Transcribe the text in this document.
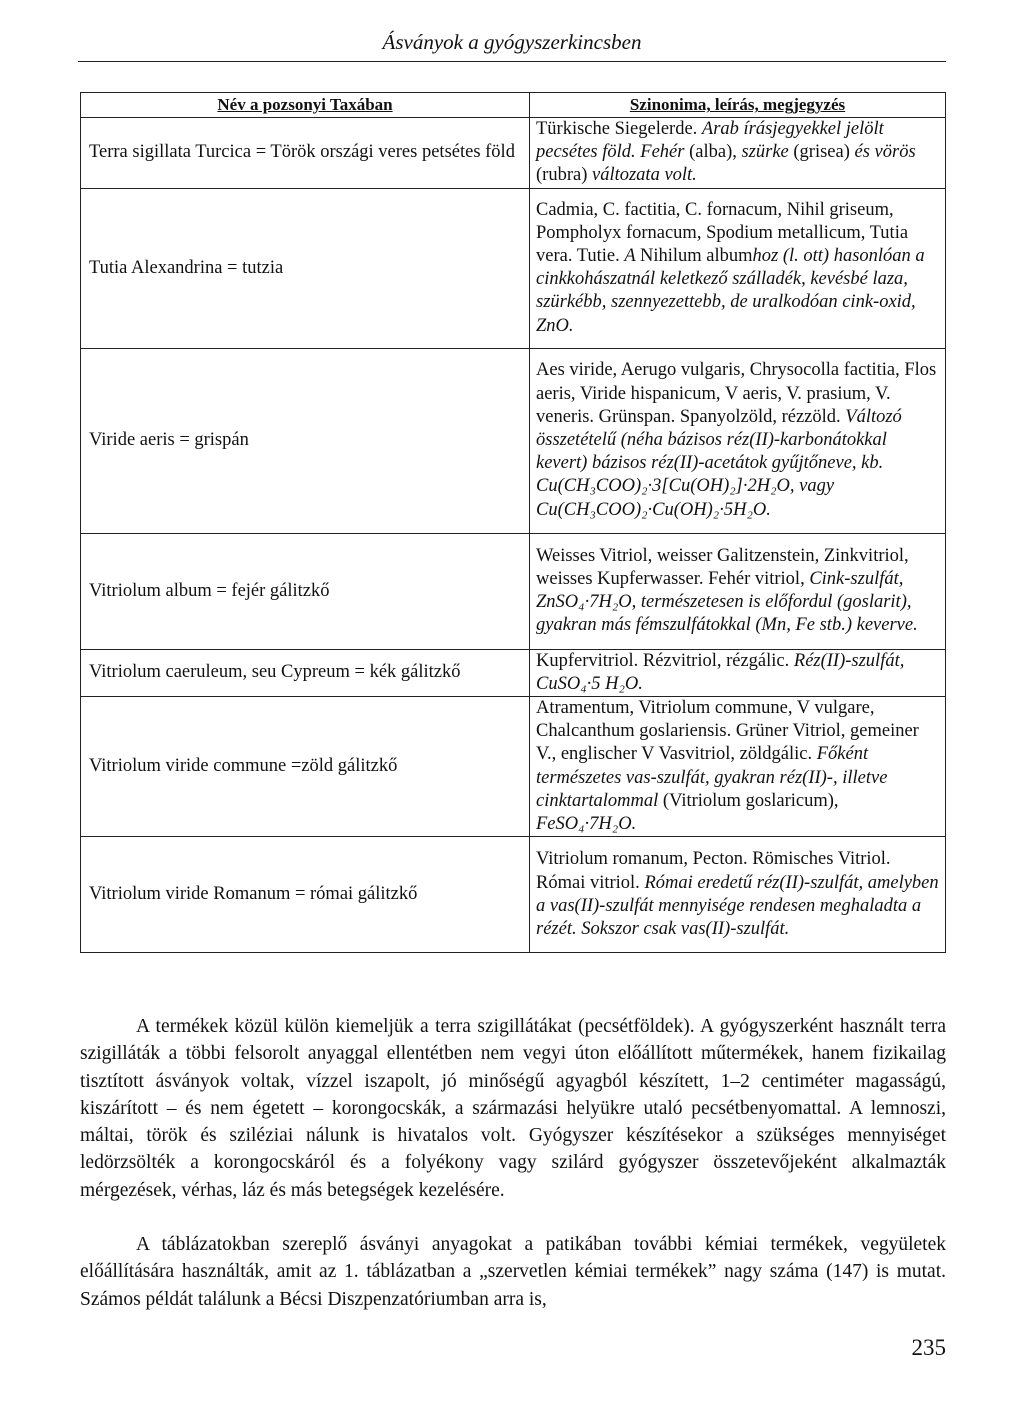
Ásványok a gyógyszerkincsben
Név a pozsonyi Taxában	Szinonima, leírás, megjegyzés
Terra sigillata Turcica = Török országi veres petsétes föld	Türkische Siegelerde. Arab írásjegyekkel jelölt pecsétes föld. Fehér (alba), szürke (grisea) és vörös (rubra) változata volt.
Tutia Alexandrina = tutzia	Cadmia, C. factitia, C. fornacum, Nihil griseum, Pompholyx fornacum, Spodium metallicum, Tutia vera. Tutie. A Nihilum albumhoz (l. ott) hasonlóan a cinkkohászatnál keletkező szálladék, kevésbé laza, szürkébb, szennyezettebb, de uralkodóan cink-oxid, ZnO.
Viride aeris = grispán	Aes viride, Aerugo vulgaris, Chrysocolla factitia, Flos aeris, Viride hispanicum, V aeris, V. prasium, V. veneris. Grünspan. Spanyolzöld, rézzöld. Változó összetételű (néha bázisos réz(II)-karbonátokkal kevert) bázisos réz(II)-acetátok gyűjtőneve, kb. Cu(CH₃COO)₂·3[Cu(OH)₂]·2H₂O, vagy Cu(CH₃COO)₂·Cu(OH)₂·5H₂O.
Vitriolum album = fejér gálitzkő	Weisses Vitriol, weisser Galitzenstein, Zinkvitriol, weisses Kupferwasser. Fehér vitriol, Cink-szulfát, ZnSO₄·7H₂O, természetesen is előfordul (goslarit), gyakran más fémszulfátokkal (Mn, Fe stb.) keverve.
Vitriolum caeruleum, seu Cypreum = kék gálitzkő	Kupfervitriol. Rézvitriol, rézgálic. Réz(II)-szulfát, CuSO₄·5 H₂O.
Vitriolum viride commune =zöld gálitzkő	Atramentum, Vitriolum commune, V vulgare, Chalcanthum goslariensis. Grüner Vitriol, gemeiner V., englischer V Vasvitriol, zöldgálic. Főként természetes vas-szulfát, gyakran réz(II)-, illetve cinktartalommal (Vitriolum goslaricum), FeSO₄·7H₂O.
Vitriolum viride Romanum = római gálitzkő	Vitriolum romanum, Pecton. Römisches Vitriol. Római vitriol. Római eredetű réz(II)-szulfát, amelyben a vas(II)-szulfát mennyisége rendesen meghaladta a rézét. Sokszor csak vas(II)-szulfát.

A termékek közül külön kiemeljük a terra szigillátákat (pecsétföldek). A gyógyszerként használt terra szigilláták a többi felsorolt anyaggal ellentétben nem vegyi úton előállított műtermékek, hanem fizikailag tisztított ásványok voltak, vízzel iszapolt, jó minőségű agyagból készített, 1–2 centiméter magasságú, kiszárított – és nem égetett – korongocskák, a származási helyükre utaló pecsétbenyomattal. A lemnoszi, máltai, török és sziléziai nálunk is hivatalos volt. Gyógyszer készítésekor a szükséges mennyiséget ledörzsölték a korongocskáról és a folyékony vagy szilárd gyógyszer összetevőjeként alkalmazták mérgezések, vérhas, láz és más betegségek kezelésére.

A táblázatokban szereplő ásványi anyagokat a patikában további kémiai termékek, vegyületek előállítására használták, amit az 1. táblázatban a „szervetlen kémiai termékek” nagy száma (147) is mutat. Számos példát találunk a Bécsi Diszpenzatóriumban arra is,

235
